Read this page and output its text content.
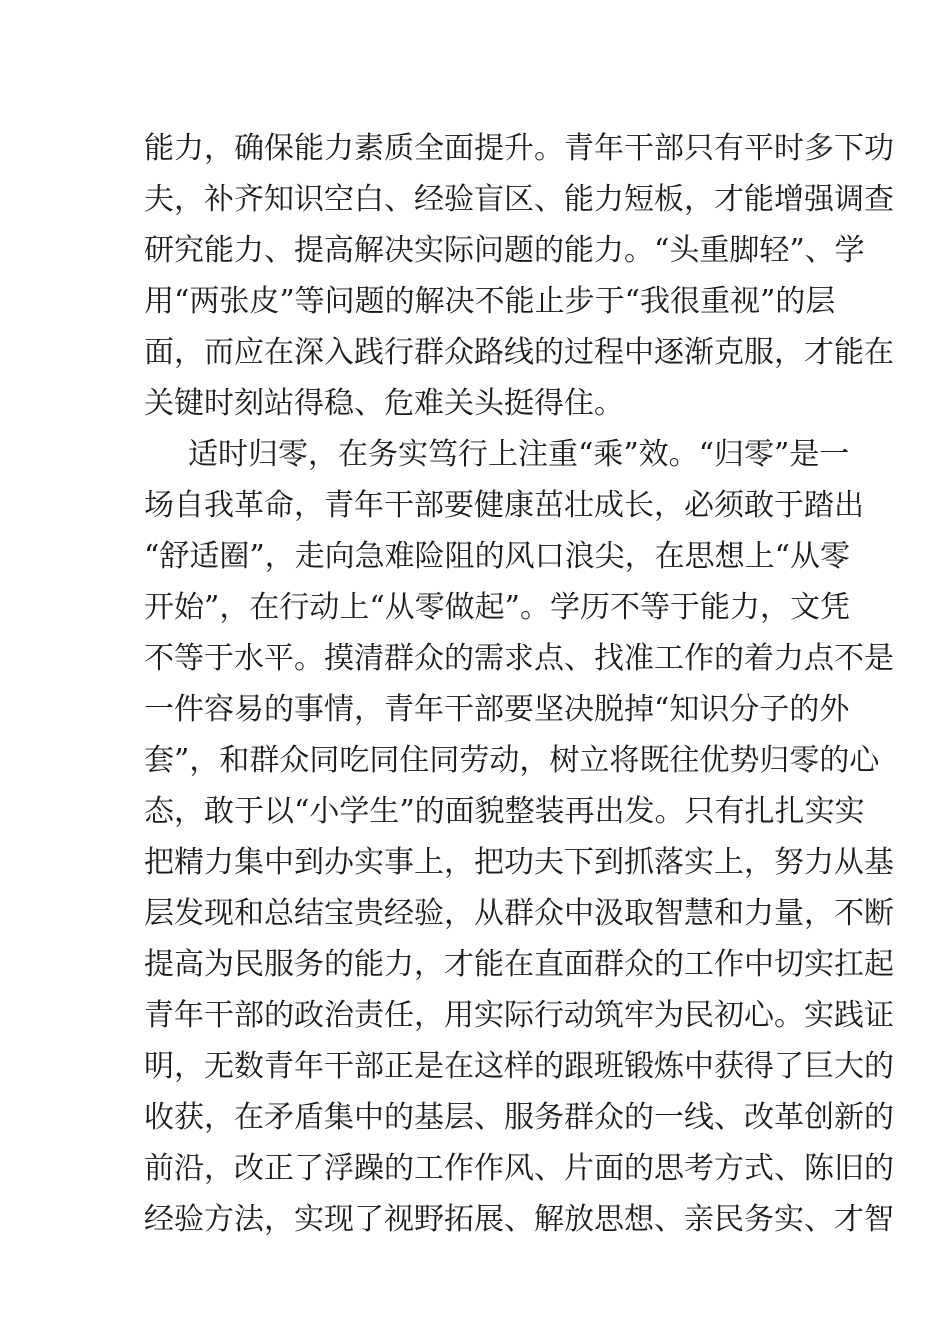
能力，确保能力素质全面提升。青年干部只有平时多下功
夫，补齐知识空白、经验盲区、能力短板，才能增强调查
研究能力、提高解决实际问题的能力。“头重脚轻”、学
用“两张皮”等问题的解决不能止步于“我很重视”的层
面，而应在深入践行群众路线的过程中逐渐克服，才能在
关键时刻站得稳、危难关头挺得住。
适时归零，在务实笃行上注重“乘”效。“归零”是一
场自我革命，青年干部要健康茁壮成长，必须敢于踏出
“舒适圈”，走向急难险阻的风口浪尖，在思想上“从零
开始”，在行动上“从零做起”。学历不等于能力，文凭
不等于水平。摸清群众的需求点、找准工作的着力点不是
一件容易的事情，青年干部要坚决脱掉“知识分子的外
套”，和群众同吃同住同劳动，树立将既往优势归零的心
态，敢于以“小学生”的面貌整装再出发。只有扎扎实实
把精力集中到办实事上，把功夫下到抓落实上，努力从基
层发现和总结宝贵经验，从群众中汲取智慧和力量，不断
提高为民服务的能力，才能在直面群众的工作中切实扛起
青年干部的政治责任，用实际行动筑牢为民初心。实践证
明，无数青年干部正是在这样的跟班锻炼中获得了巨大的
收获，在矛盾集中的基层、服务群众的一线、改革创新的
前沿，改正了浮躁的工作作风、片面的思考方式、陈旧的
经验方法，实现了视野拓展、解放思想、亲民务实、才智
